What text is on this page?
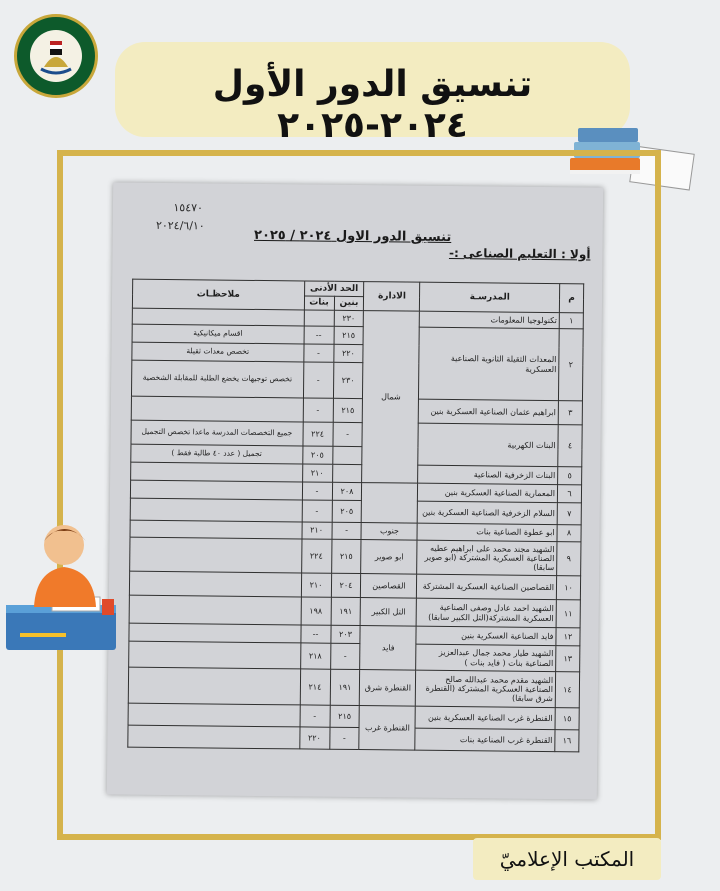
تنسيق الدور الأول ٢٠٢٤-٢٠٢٥
١٥٤٧٠
٢٠٢٤/٦/١٠
تنسيق الدور الاول ٢٠٢٤ / ٢٠٢٥
أولا : التعليم الصناعى :-
م	المدرسـة	الادارة	الحد الأدنى		ملاحظـات
			بنين	بنات	
١	تكنولوجيا المعلومات	شمال	٢٣٠		
٢	المعدات الثقيلة الثانوية الصناعية العسكرية		٢١٥	--	اقسام ميكانيكية
			٢٢٠	-	تخصص معدات ثقيلة
			٢٣٠	-	تخصص توجيهات يخضع الطلبة للمقابلة الشخصية
٣	ابراهيم عثمان الصناعية العسكرية بنين		٢١٥	-	
٤	البنات الكهربية		-	٢٢٤	جميع التخصصات المدرسة ماعدا تخصص التجميل
				٢٠٥	تجميل ( عدد ٤٠ طالبة فقط )
٥	البنات الزخرفية الصناعية			٢١٠	
٦	المعمارية الصناعية العسكرية بنين		٢٠٨	-	
٧	السلام الزخرفية الصناعية العسكرية بنين		٢٠٥	-	
٨	ابو عطوة الصناعية بنات	جنوب	-	٢١٠	
٩	الشهيد مجند محمد على ابراهيم عطيه الصناعية العسكرية المشتركة (ابو صوير سابقا)	ابو صوير	٢١٥	٢٢٤	
١٠	القصاصين الصناعية العسكرية المشتركة	القصاصين	٢٠٤	٢١٠	
١١	الشهيد احمد عادل وصفى الصناعية العسكرية المشتركة(التل الكبير سابقا)	التل الكبير	١٩١	١٩٨	
١٢	فايد الصناعية العسكرية بنين	فايد	٢٠٣	--	
١٣	الشهيد طيار محمد جمال عبدالعزيز الصناعية بنات ( فايد بنات )		-	٢١٨	
١٤	الشهيد مقدم محمد عبدالله صالح الصناعية العسكرية المشتركة (القنطرة شرق سابقا)	القنطرة شرق	١٩١	٢١٤	
١٥	القنطرة غرب الصناعية العسكرية بنين	القنطرة غرب	٢١٥	-	
١٦	القنطرة غرب الصناعية بنات		-	٢٢٠	
المكتب الإعلاميّ
